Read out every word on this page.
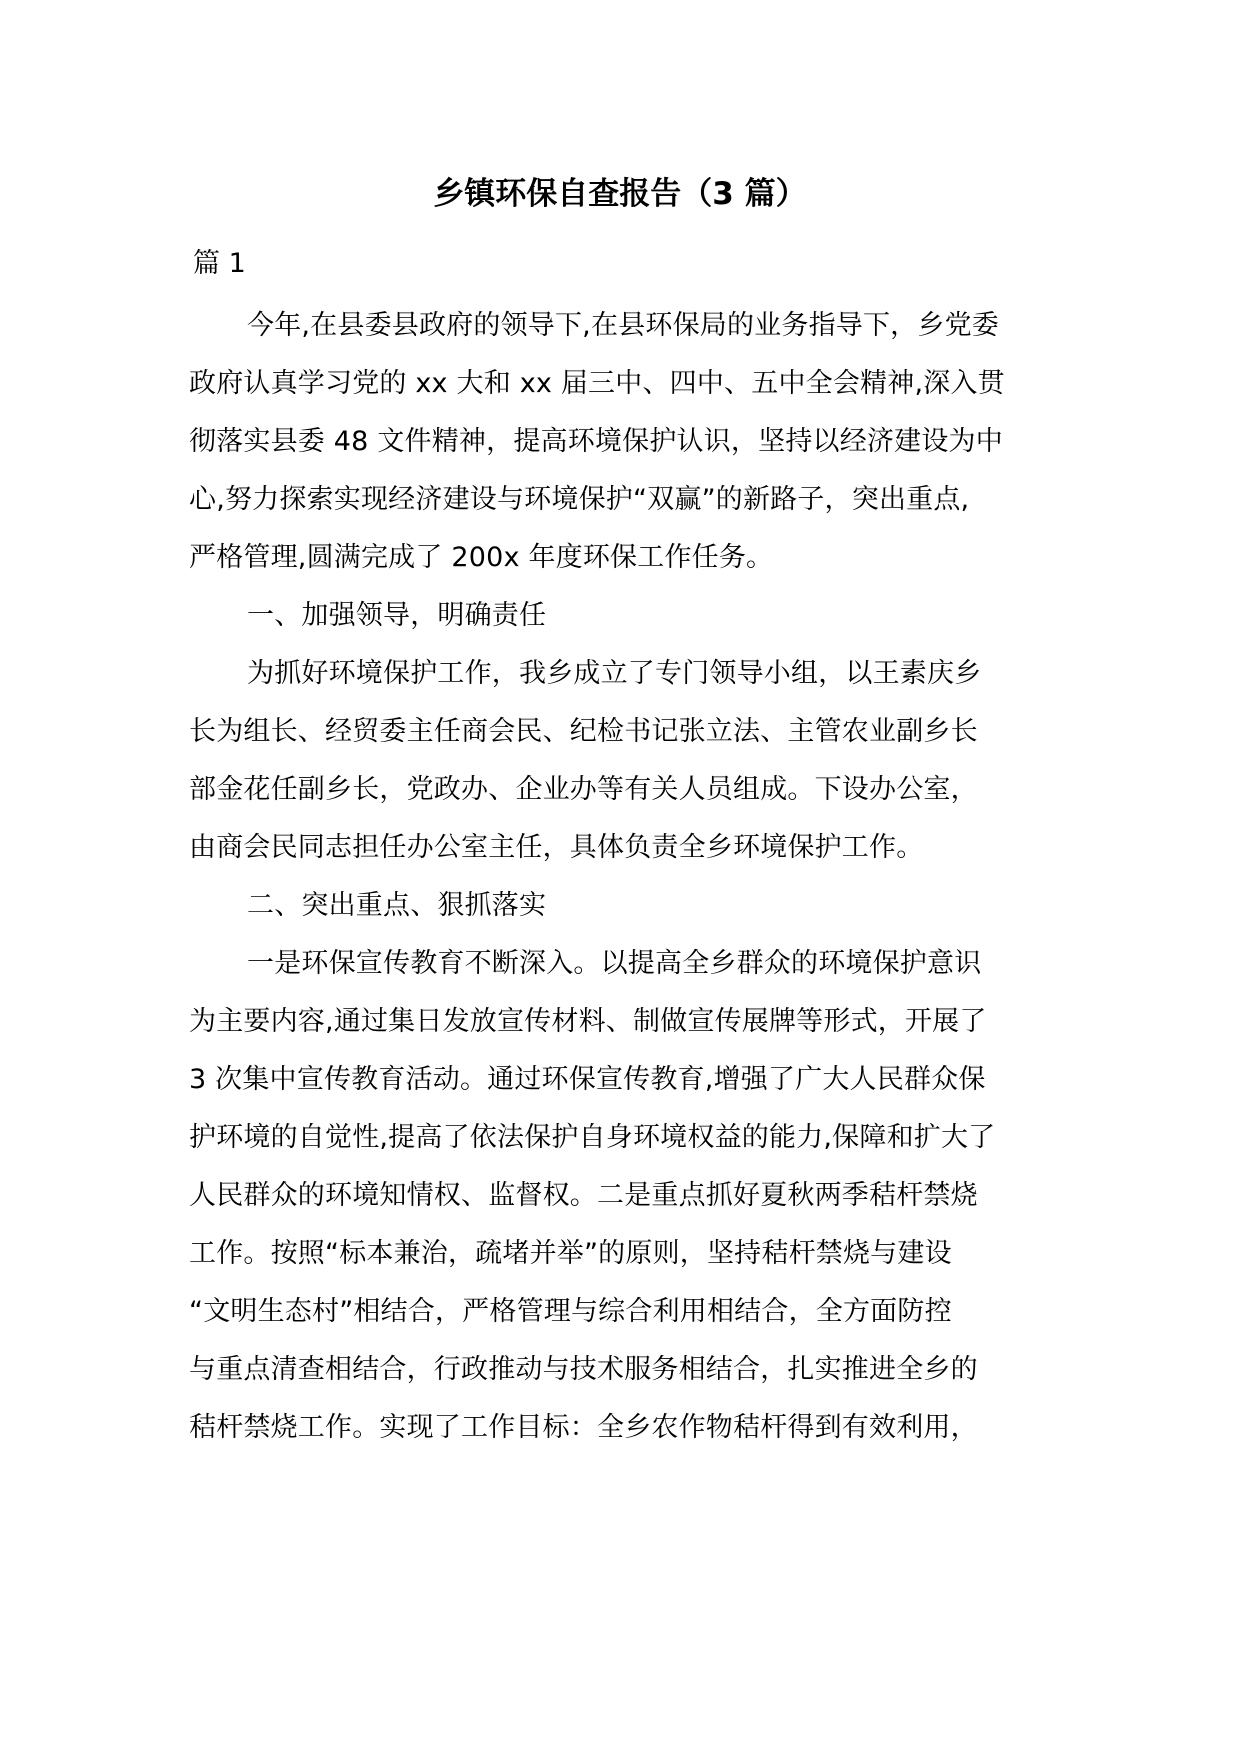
乡镇环保自查报告（3 篇）
篇 1
今年,在县委县政府的领导下,在县环保局的业务指导下，乡党委
政府认真学习党的 xx 大和 xx 届三中、四中、五中全会精神,深入贯
彻落实县委 48 文件精神，提高环境保护认识，坚持以经济建设为中
心,努力探索实现经济建设与环境保护“双赢”的新路子，突出重点,
严格管理,圆满完成了 200x 年度环保工作任务。
一、加强领导，明确责任
为抓好环境保护工作，我乡成立了专门领导小组，以王素庆乡
长为组长、经贸委主任商会民、纪检书记张立法、主管农业副乡长
部金花任副乡长，党政办、企业办等有关人员组成。下设办公室，
由商会民同志担任办公室主任，具体负责全乡环境保护工作。
二、突出重点、狠抓落实
一是环保宣传教育不断深入。以提高全乡群众的环境保护意识
为主要内容,通过集日发放宣传材料、制做宣传展牌等形式，开展了
3 次集中宣传教育活动。通过环保宣传教育,增强了广大人民群众保
护环境的自觉性,提高了依法保护自身环境权益的能力,保障和扩大了
人民群众的环境知情权、监督权。二是重点抓好夏秋两季秸杆禁烧
工作。按照“标本兼治，疏堵并举”的原则，坚持秸杆禁烧与建设
“文明生态村”相结合，严格管理与综合利用相结合，全方面防控
与重点清查相结合，行政推动与技术服务相结合，扎实推进全乡的
秸杆禁烧工作。实现了工作目标：全乡农作物秸杆得到有效利用，
